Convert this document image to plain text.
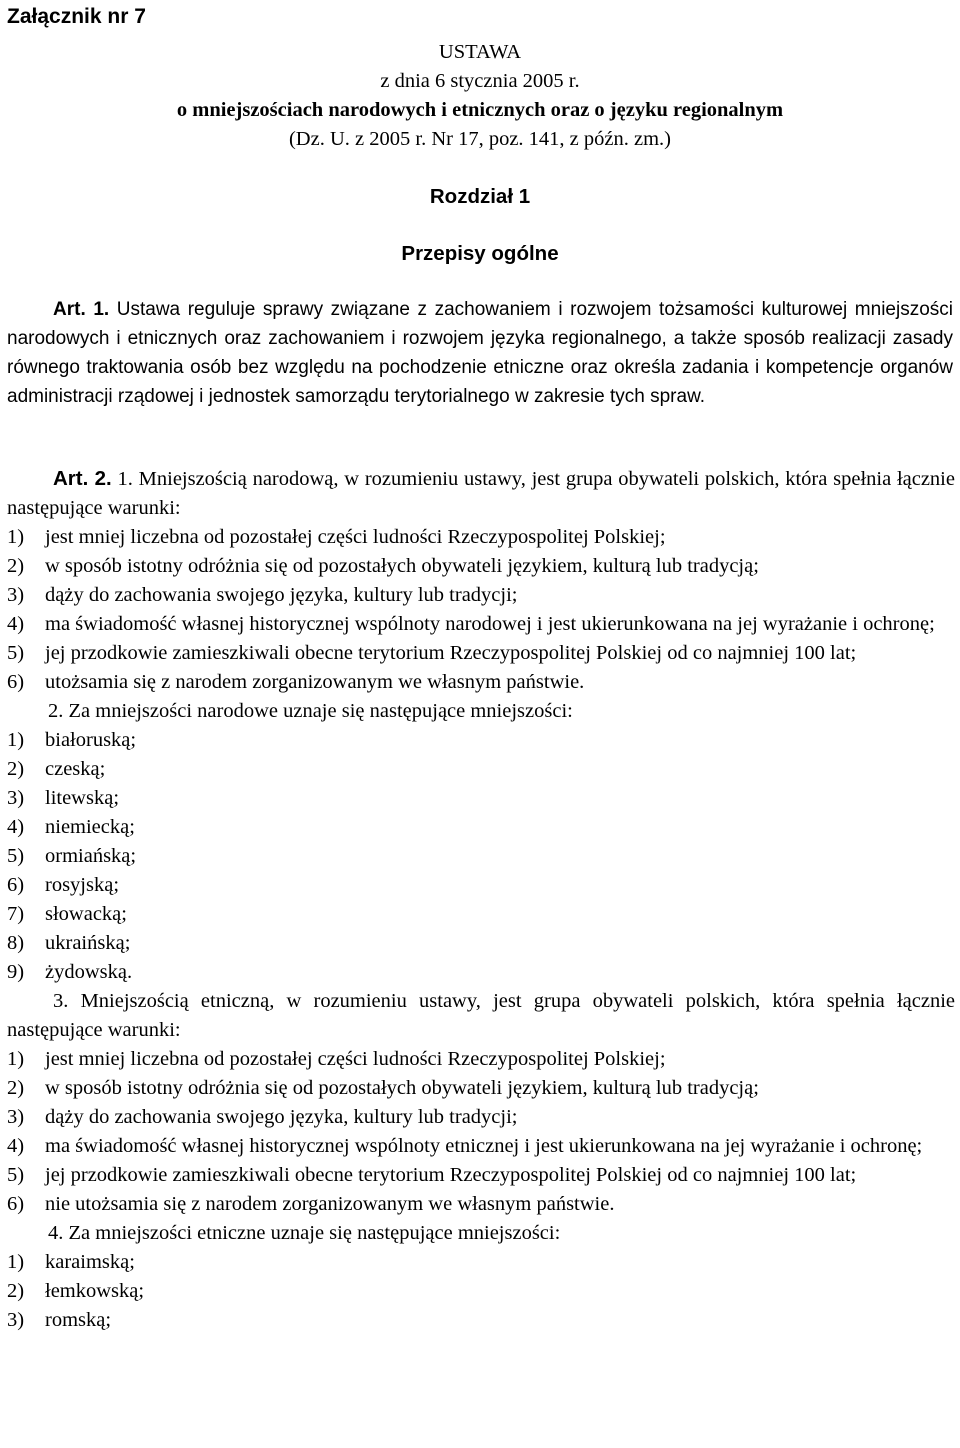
Załącznik nr 7
USTAWA
z dnia 6 stycznia 2005 r.
o mniejszościach narodowych i etnicznych oraz o języku regionalnym
(Dz. U. z 2005 r. Nr 17, poz. 141, z późn. zm.)
Rozdział 1
Przepisy ogólne
Art. 1. Ustawa reguluje sprawy związane z zachowaniem i rozwojem tożsamości kulturowej mniejszości narodowych i etnicznych oraz zachowaniem i rozwojem języka regionalnego, a także sposób realizacji zasady równego traktowania osób bez względu na pochodzenie etniczne oraz określa zadania i kompetencje organów administracji rządowej i jednostek samorządu terytorialnego w zakresie tych spraw.

Art. 2. 1. Mniejszością narodową, w rozumieniu ustawy, jest grupa obywateli polskich, która spełnia łącznie następujące warunki:

1) jest mniej liczebna od pozostałej części ludności Rzeczypospolitej Polskiej;

2) w sposób istotny odróżnia się od pozostałych obywateli językiem, kulturą lub tradycją;

3) dąży do zachowania swojego języka, kultury lub tradycji;

4) ma świadomość własnej historycznej wspólnoty narodowej i jest ukierunkowana na jej wyrażanie i ochronę;

5) jej przodkowie zamieszkiwali obecne terytorium Rzeczypospolitej Polskiej od co najmniej 100 lat;

6) utożsamia się z narodem zorganizowanym we własnym państwie.

2. Za mniejszości narodowe uznaje się następujące mniejszości:

1) białoruską;

2) czeską;

3) litewską;

4) niemiecką;

5) ormiańską;

6) rosyjską;

7) słowacką;

8) ukraińską;

9) żydowską.

3. Mniejszością etniczną, w rozumieniu ustawy, jest grupa obywateli polskich, która spełnia łącznie następujące warunki:

1) jest mniej liczebna od pozostałej części ludności Rzeczypospolitej Polskiej;

2) w sposób istotny odróżnia się od pozostałych obywateli językiem, kulturą lub tradycją;

3) dąży do zachowania swojego języka, kultury lub tradycji;

4) ma świadomość własnej historycznej wspólnoty etnicznej i jest ukierunkowana na jej wyrażanie i ochronę;

5) jej przodkowie zamieszkiwali obecne terytorium Rzeczypospolitej Polskiej od co najmniej 100 lat;

6) nie utożsamia się z narodem zorganizowanym we własnym państwie.

4. Za mniejszości etniczne uznaje się następujące mniejszości:

1) karaimską;

2) łemkowską;

3) romską;
